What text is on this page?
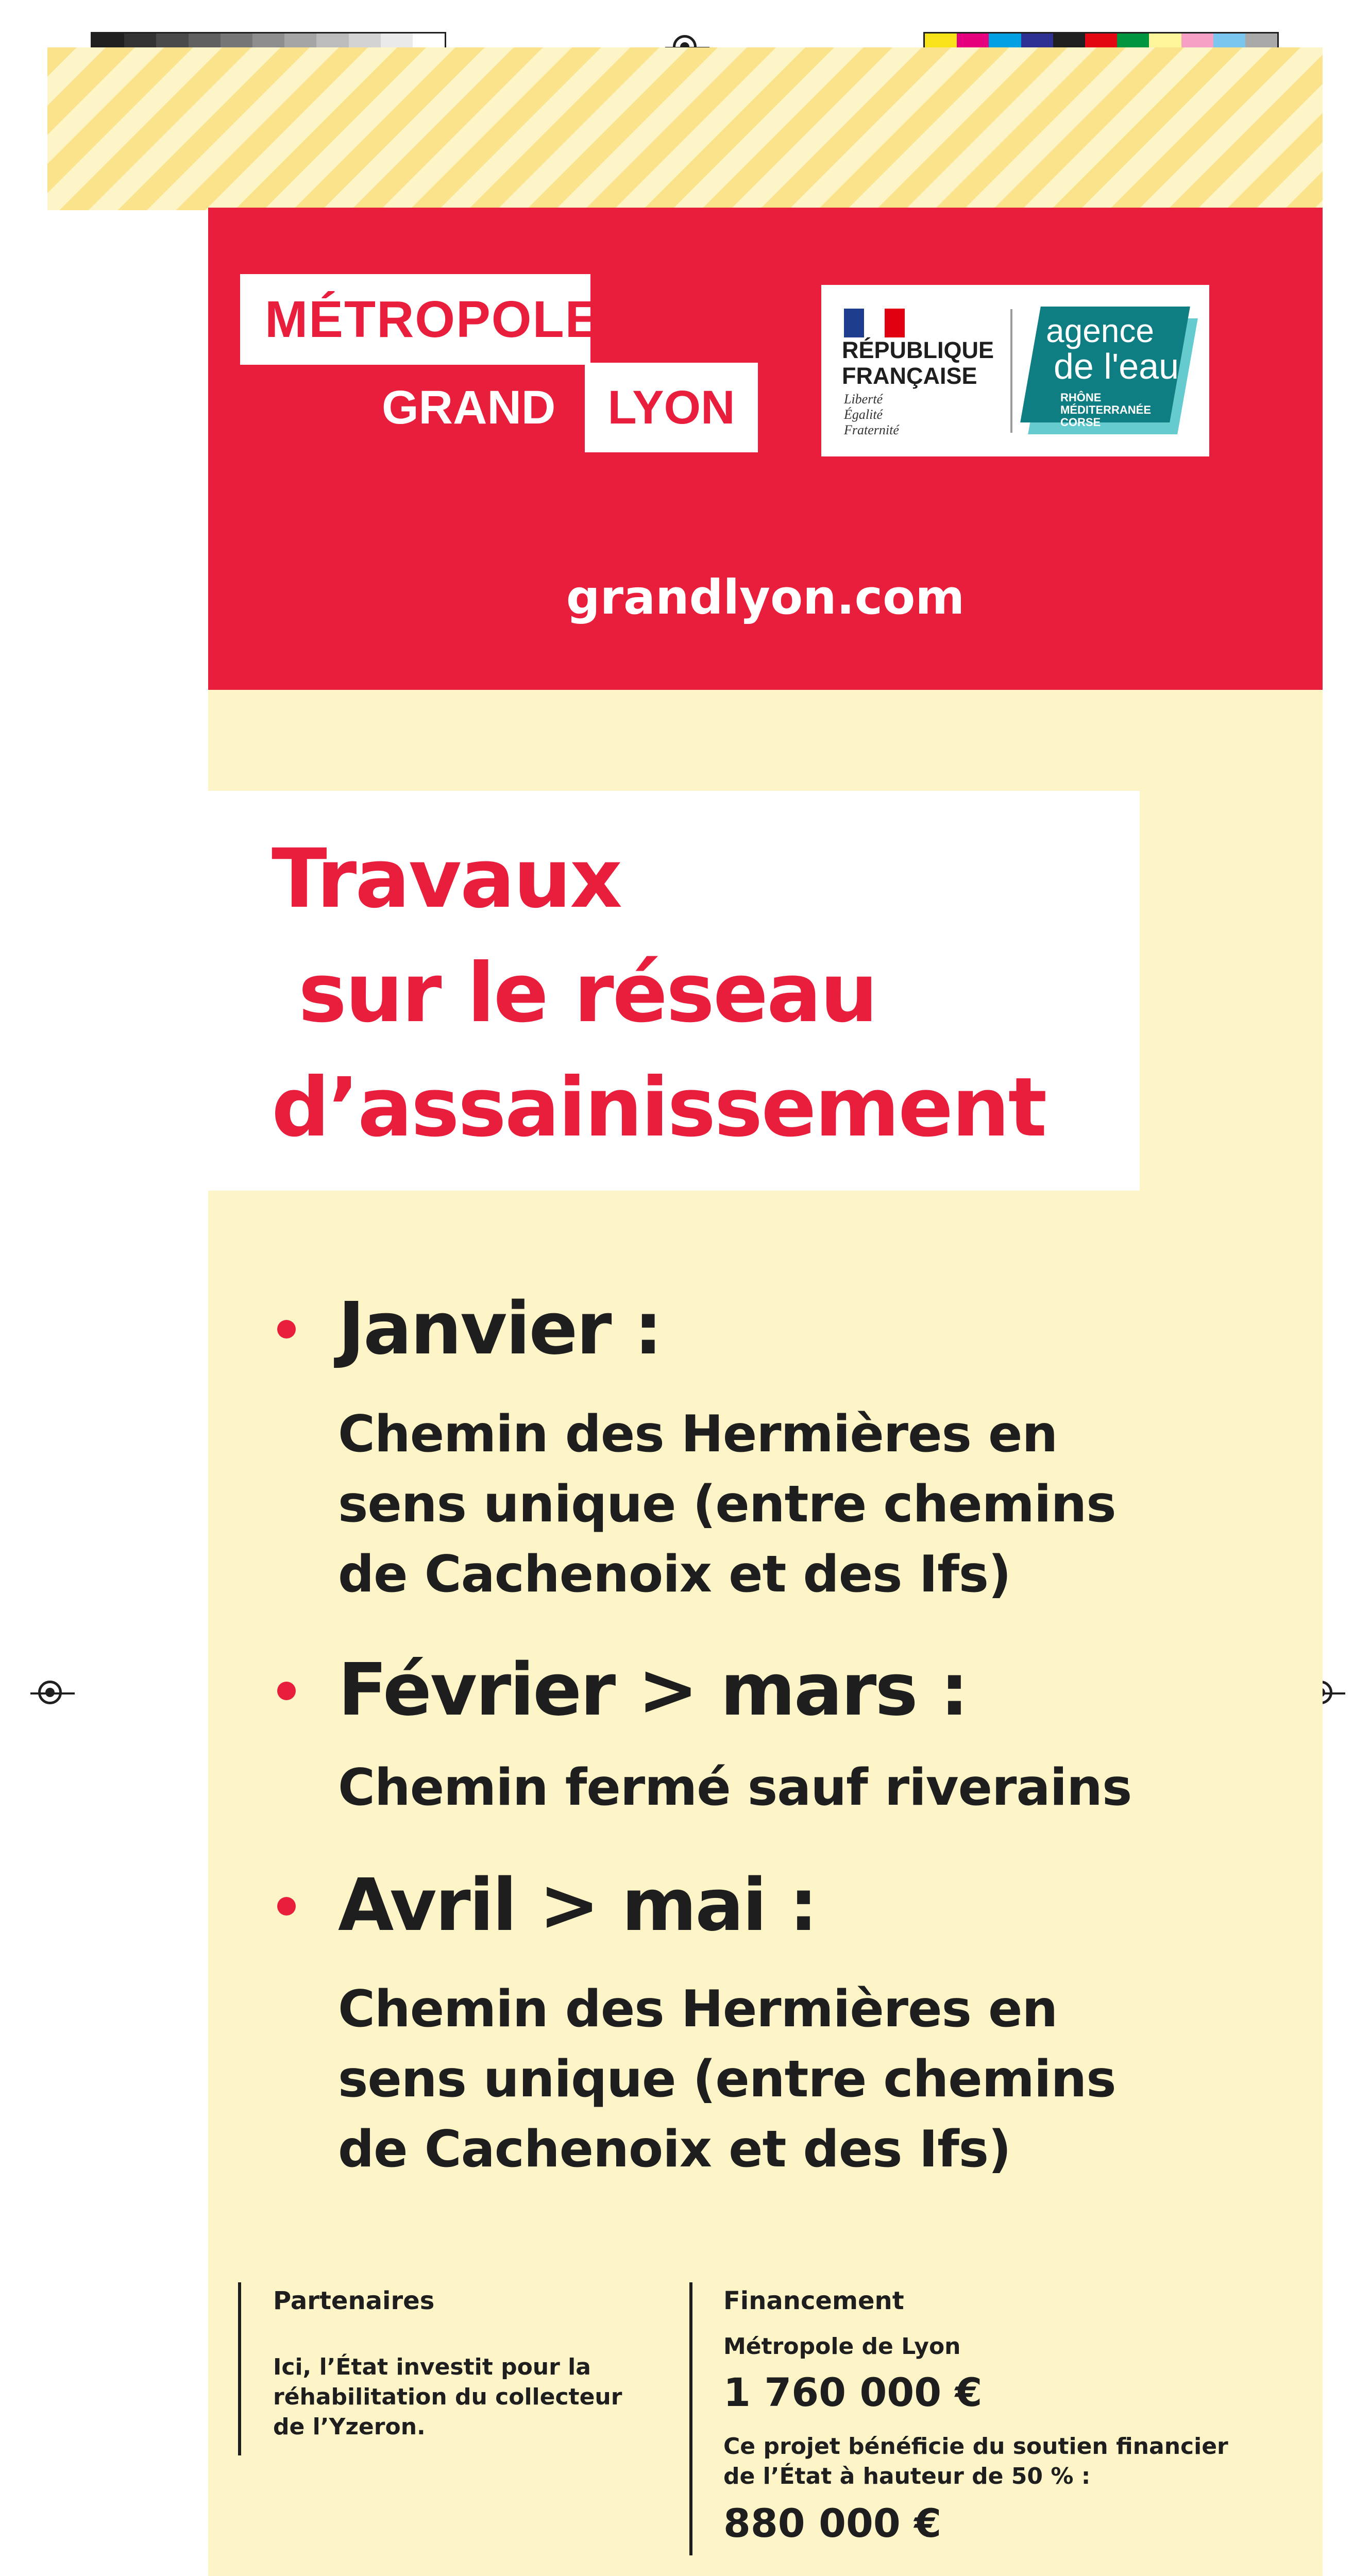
MÉTROPOLE
GRAND	LYON
RÉPUBLIQUE
FRANÇAISE
Liberté
Égalité
Fraternité
agence
de l'eau
RHÔNE
MÉDITERRANÉE
CORSE
grandlyon.com
Travaux
sur le réseau
d’assainissement
Janvier :
Chemin des Hermières en
sens unique (entre chemins
de Cachenoix et des Ifs)
Février > mars :
Chemin fermé sauf riverains
Avril > mai :
Chemin des Hermières en
sens unique (entre chemins
de Cachenoix et des Ifs)
Partenaires
Ici, l’État investit pour la
réhabilitation du collecteur
de l’Yzeron.
Financement
Métropole de Lyon
1 760 000 €
Ce projet bénéficie du soutien financier
de l’État à hauteur de 50 % :
880 000 €
